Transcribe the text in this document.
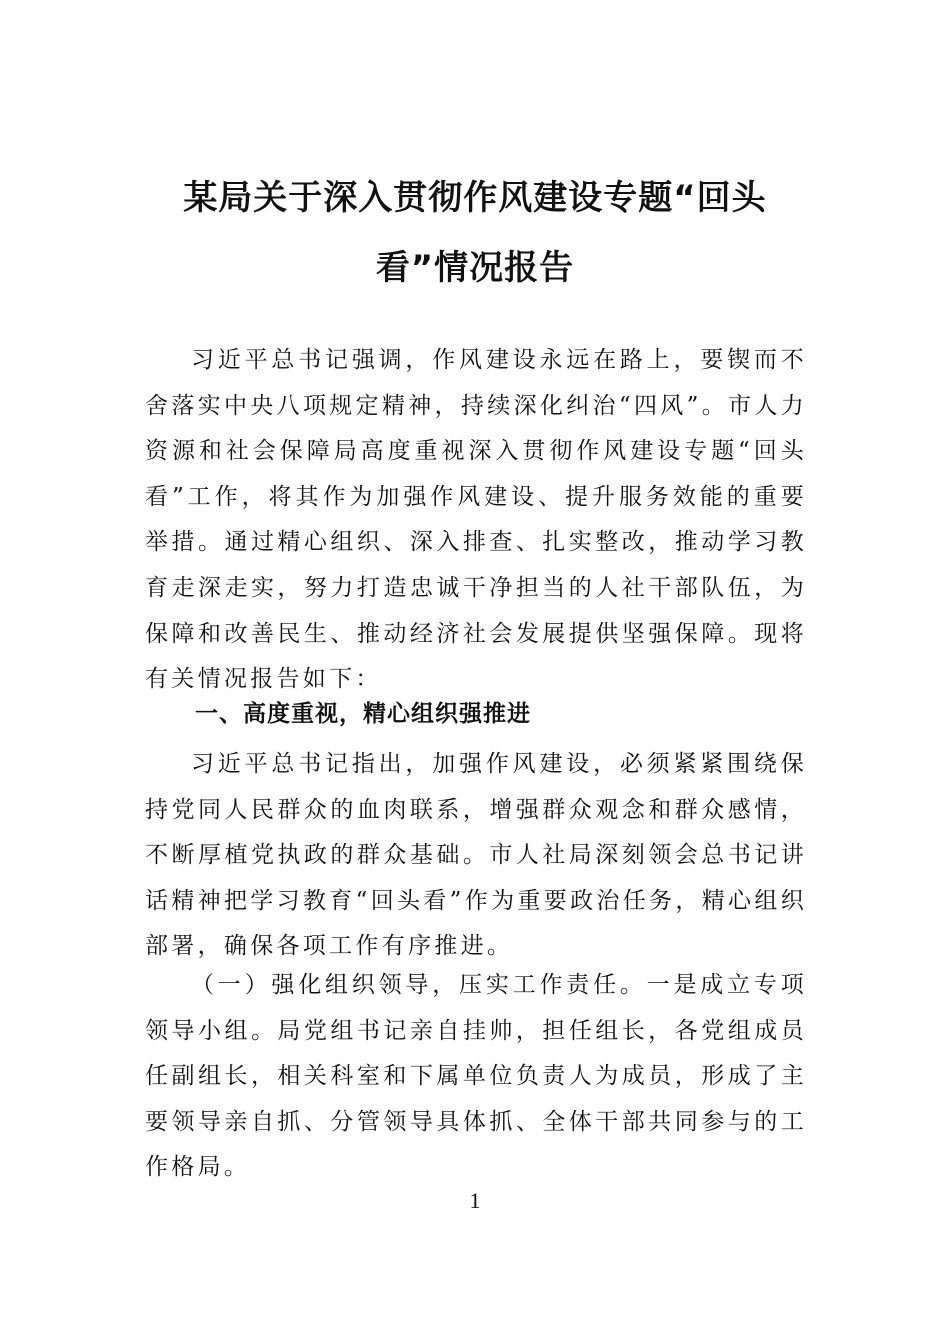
某局关于深入贯彻作风建设专题“回头
看”情况报告

习近平总书记强调，作风建设永远在路上，要锲而不舍落实中央八项规定精神，持续深化纠治“四风”。市人力资源和社会保障局高度重视深入贯彻作风建设专题“回头看”工作，将其作为加强作风建设、提升服务效能的重要举措。通过精心组织、深入排查、扎实整改，推动学习教育走深走实，努力打造忠诚干净担当的人社干部队伍，为保障和改善民生、推动经济社会发展提供坚强保障。现将有关情况报告如下：

一、高度重视，精心组织强推进

习近平总书记指出，加强作风建设，必须紧紧围绕保持党同人民群众的血肉联系，增强群众观念和群众感情，不断厚植党执政的群众基础。市人社局深刻领会总书记讲话精神把学习教育“回头看”作为重要政治任务，精心组织部署，确保各项工作有序推进。

（一）强化组织领导，压实工作责任。一是成立专项领导小组。局党组书记亲自挂帅，担任组长，各党组成员任副组长，相关科室和下属单位负责人为成员，形成了主要领导亲自抓、分管领导具体抓、全体干部共同参与的工作格局。

1
